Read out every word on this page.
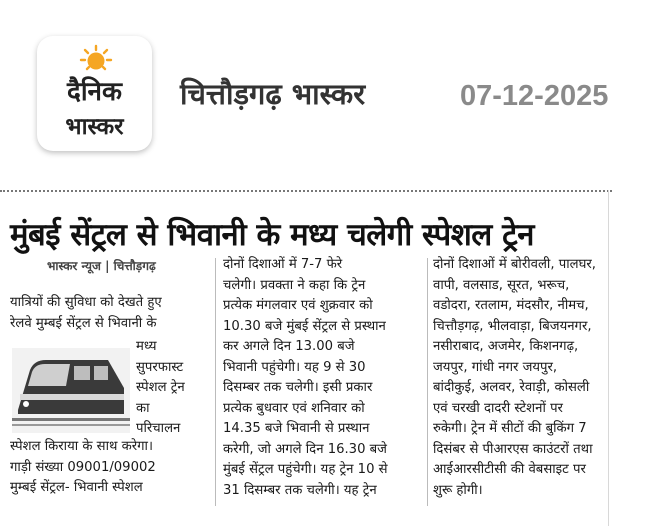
दैनिक
भास्कर
चित्तौड़गढ़ भास्कर	07-12-2025
मुंबई सेंट्रल से भिवानी के मध्य चलेगी स्पेशल ट्रेन
भास्कर न्यूज | चित्तौड़गढ़
यात्रियों की सुविधा को देखते हुए
रेलवे मुम्बई सेंट्रल से भिवानी के
मध्य
सुपरफास्ट
स्पेशल ट्रेन
का
परिचालन
स्पेशल किराया के साथ करेगा।
गाड़ी संख्या 09001/09002
मुम्बई सेंट्रल- भिवानी स्पेशल
दोनों दिशाओं में 7-7 फेरे
चलेगी। प्रवक्ता ने कहा कि ट्रेन
प्रत्येक मंगलवार एवं शुक्रवार को
10.30 बजे मुंबई सेंट्रल से प्रस्थान
कर अगले दिन 13.00 बजे
भिवानी पहुंचेगी। यह 9 से 30
दिसम्बर तक चलेगी। इसी प्रकार
प्रत्येक बुधवार एवं शनिवार को
14.35 बजे भिवानी से प्रस्थान
करेगी, जो अगले दिन 16.30 बजे
मुंबई सेंट्रल पहुंचेगी। यह ट्रेन 10 से
31 दिसम्बर तक चलेगी। यह ट्रेन
दोनों दिशाओं में बोरीवली, पालघर,
वापी, वलसाड, सूरत, भरूच,
वडोदरा, रतलाम, मंदसौर, नीमच,
चित्तौड़गढ़, भीलवाड़ा, बिजयनगर,
नसीराबाद, अजमेर, किशनगढ़,
जयपुर, गांधी नगर जयपुर,
बांदीकुई, अलवर, रेवाड़ी, कोसली
एवं चरखी दादरी स्टेशनों पर
रुकेगी। ट्रेन में सीटों की बुकिंग 7
दिसंबर से पीआरएस काउंटरों तथा
आईआरसीटीसी की वेबसाइट पर
शुरू होगी।
